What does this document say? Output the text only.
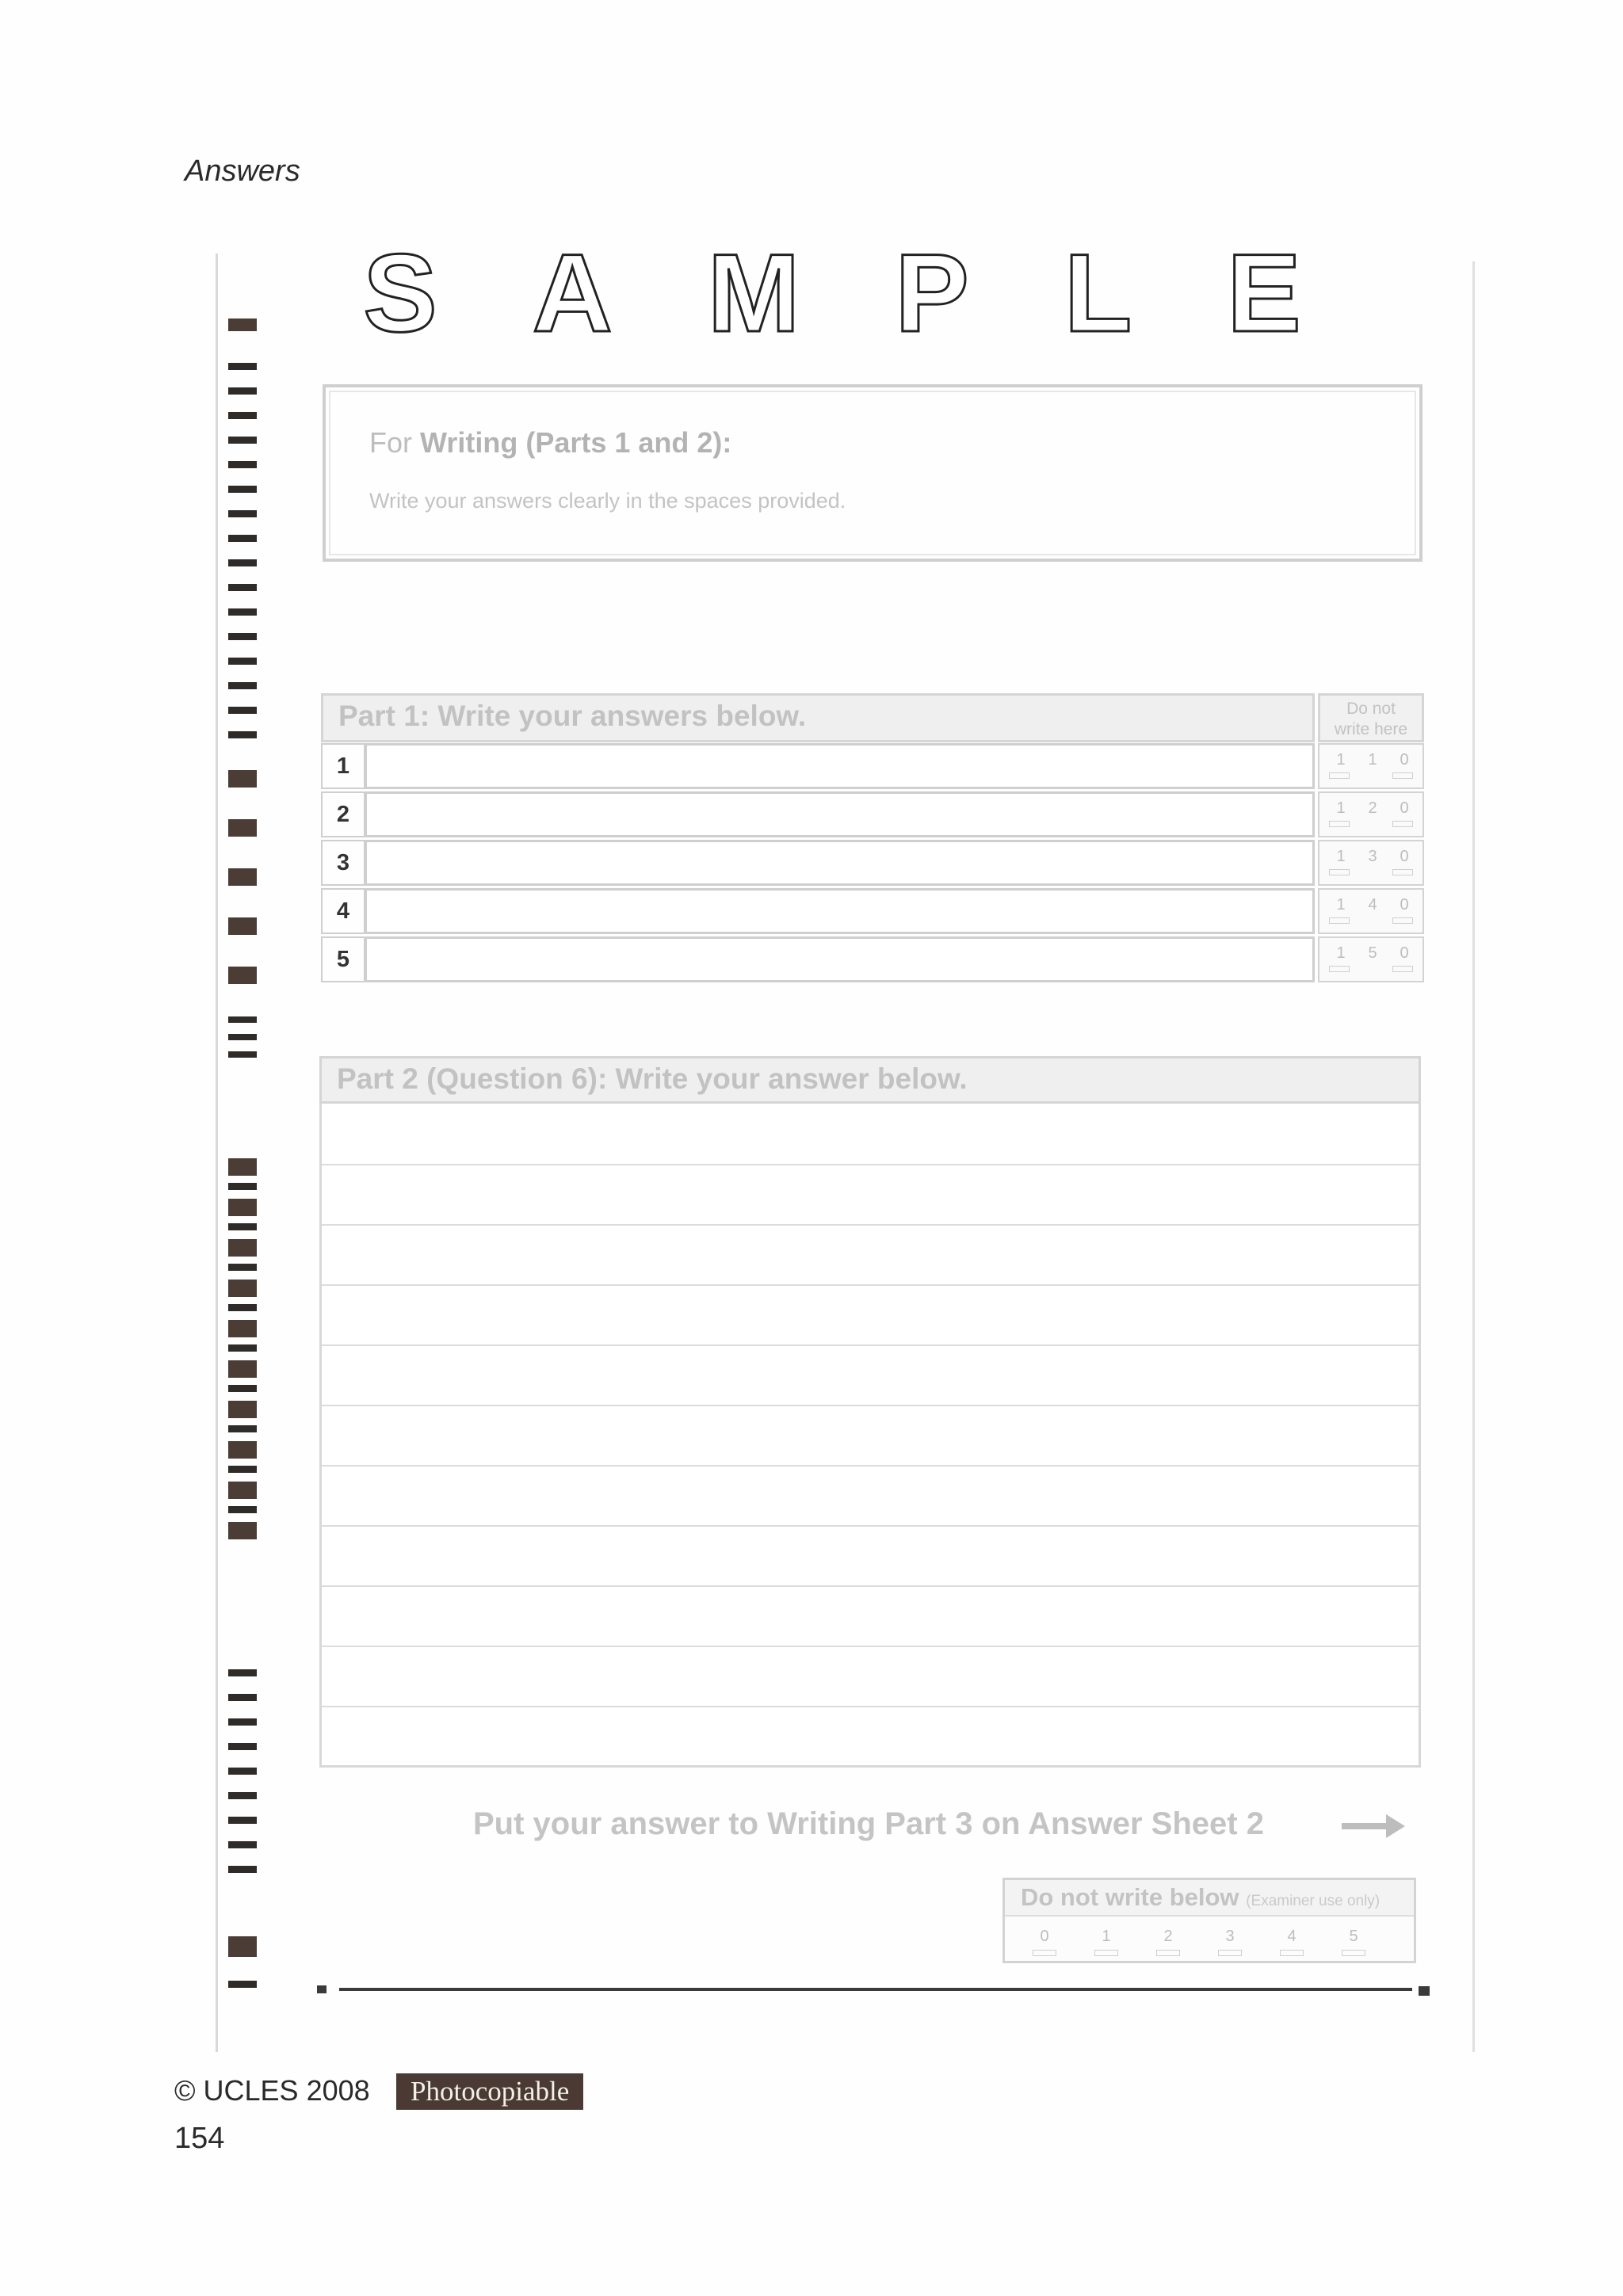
Answers
SAMPLE
For Writing (Parts 1 and 2):
Write your answers clearly in the spaces provided.
Part 1: Write your answers below.	Do not
write here
1	1	1	0
2	1	2	0
3	1	3	0
4	1	4	0
5	1	5	0
Part 2 (Question 6): Write your answer below.
Put your answer to Writing Part 3 on Answer Sheet 2
Do not write below (Examiner use only)
0	1	2	3	4	5
© UCLES 2008	Photocopiable
154
